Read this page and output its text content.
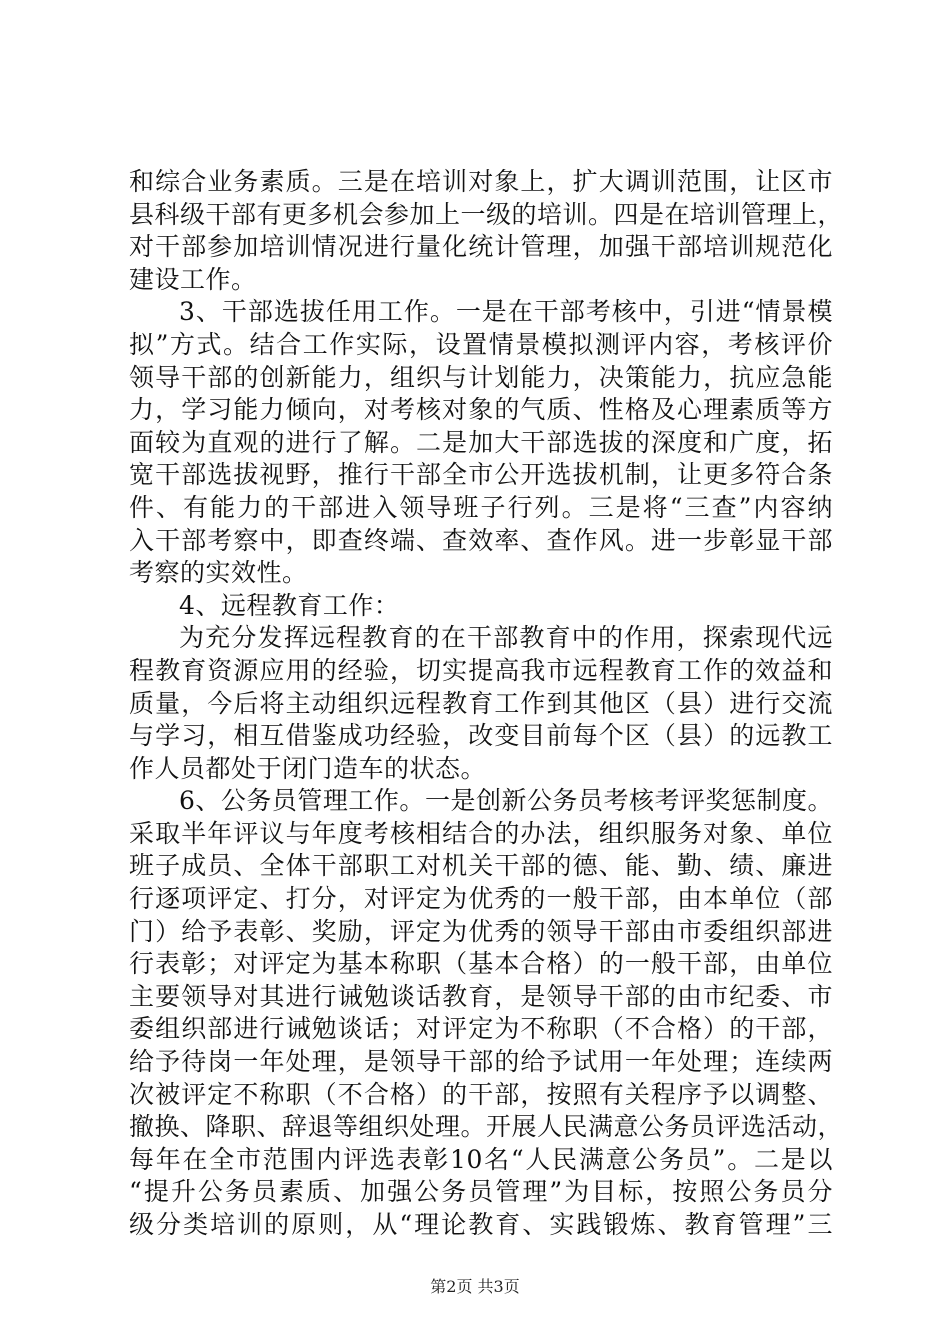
和综合业务素质。三是在培训对象上，扩大调训范围，让区市
县科级干部有更多机会参加上一级的培训。四是在培训管理上，
对干部参加培训情况进行量化统计管理，加强干部培训规范化
建设工作。
3、干部选拔任用工作。一是在干部考核中，引进“情景模
拟”方式。结合工作实际，设置情景模拟测评内容，考核评价
领导干部的创新能力，组织与计划能力，决策能力，抗应急能
力，学习能力倾向，对考核对象的气质、性格及心理素质等方
面较为直观的进行了解。二是加大干部选拔的深度和广度，拓
宽干部选拔视野，推行干部全市公开选拔机制，让更多符合条
件、有能力的干部进入领导班子行列。三是将“三查”内容纳
入干部考察中，即查终端、查效率、查作风。进一步彰显干部
考察的实效性。
4、远程教育工作：
为充分发挥远程教育的在干部教育中的作用，探索现代远
程教育资源应用的经验，切实提高我市远程教育工作的效益和
质量，今后将主动组织远程教育工作到其他区（县）进行交流
与学习，相互借鉴成功经验，改变目前每个区（县）的远教工
作人员都处于闭门造车的状态。
6、公务员管理工作。一是创新公务员考核考评奖惩制度。
采取半年评议与年度考核相结合的办法，组织服务对象、单位
班子成员、全体干部职工对机关干部的德、能、勤、绩、廉进
行逐项评定、打分，对评定为优秀的一般干部，由本单位（部
门）给予表彰、奖励，评定为优秀的领导干部由市委组织部进
行表彰；对评定为基本称职（基本合格）的一般干部，由单位
主要领导对其进行诫勉谈话教育，是领导干部的由市纪委、市
委组织部进行诫勉谈话；对评定为不称职（不合格）的干部，
给予待岗一年处理，是领导干部的给予试用一年处理；连续两
次被评定不称职（不合格）的干部，按照有关程序予以调整、
撤换、降职、辞退等组织处理。开展人民满意公务员评选活动，
每年在全市范围内评选表彰10名“人民满意公务员”。二是以
“提升公务员素质、加强公务员管理”为目标，按照公务员分
级分类培训的原则，从“理论教育、实践锻炼、教育管理”三
第2页 共3页
